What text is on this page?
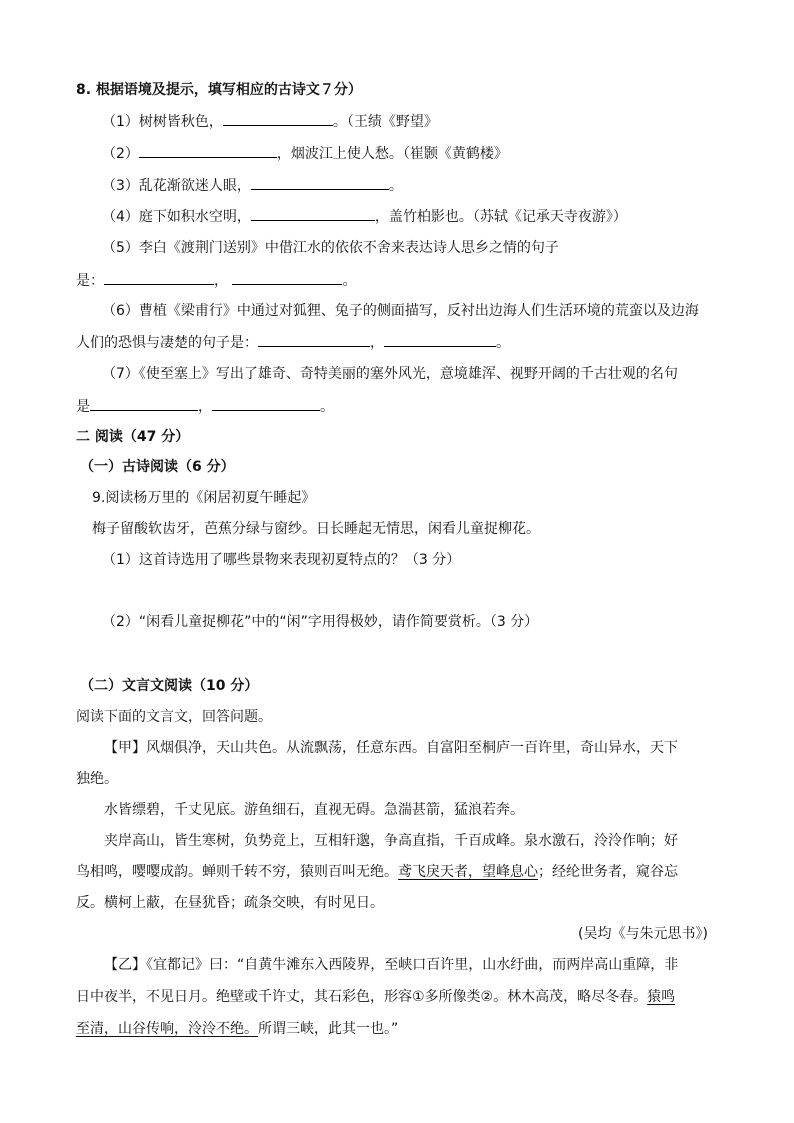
8. 根据语境及提示，填写相应的古诗文７分）
（1）树树皆秋色，	。（王绩《野望》
（2）	，烟波江上使人愁。（崔颢《黄鹤楼》
（3）乱花渐欲迷人眼，	。
（4）庭下如积水空明，	，盖竹柏影也。（苏轼《记承天寺夜游》）
（5）李白《渡荆门送别》中借江水的依依不舍来表达诗人思乡之情的句子
是：	，	。
（6）曹植《梁甫行》中通过对狐狸、兔子的侧面描写，反衬出边海人们生活环境的荒蛮以及边海
人们的恐惧与凄楚的句子是：	，	。
（7）《使至塞上》写出了雄奇、奇特美丽的塞外风光，意境雄浑、视野开阔的千古壮观的名句
是	，	。
二 阅读（47 分）
（一）古诗阅读（6 分）
9.阅读杨万里的《闲居初夏午睡起》
梅子留酸软齿牙，芭蕉分绿与窗纱。日长睡起无情思，闲看儿童捉柳花。
（1）这首诗选用了哪些景物来表现初夏特点的？（3 分）
（2）“闲看儿童捉柳花”中的“闲”字用得极妙，请作简要赏析。（3 分）
（二）文言文阅读（10 分）
阅读下面的文言文，回答问题。
【甲】风烟俱净，天山共色。从流飘荡，任意东西。自富阳至桐庐一百许里，奇山异水，天下
独绝。
水皆缥碧，千丈见底。游鱼细石，直视无碍。急湍甚箭，猛浪若奔。
夹岸高山，皆生寒树，负势竞上，互相轩邈，争高直指，千百成峰。泉水激石，泠泠作响；好
鸟相鸣，嘤嘤成韵。蝉则千转不穷，猿则百叫无绝。鸢飞戾天者，望峰息心；经纶世务者，窥谷忘
反。横柯上蔽，在昼犹昏；疏条交映，有时见日。
(吴均《与朱元思书》)
【乙】《宜都记》曰：“自黄牛滩东入西陵界，至峡口百许里，山水纡曲，而两岸高山重障，非
日中夜半，不见日月。绝壁或千许丈，其石彩色，形容①多所像类②。林木高茂，略尽冬春。猿鸣
至清，山谷传响，泠泠不绝。所谓三峡，此其一也。”
